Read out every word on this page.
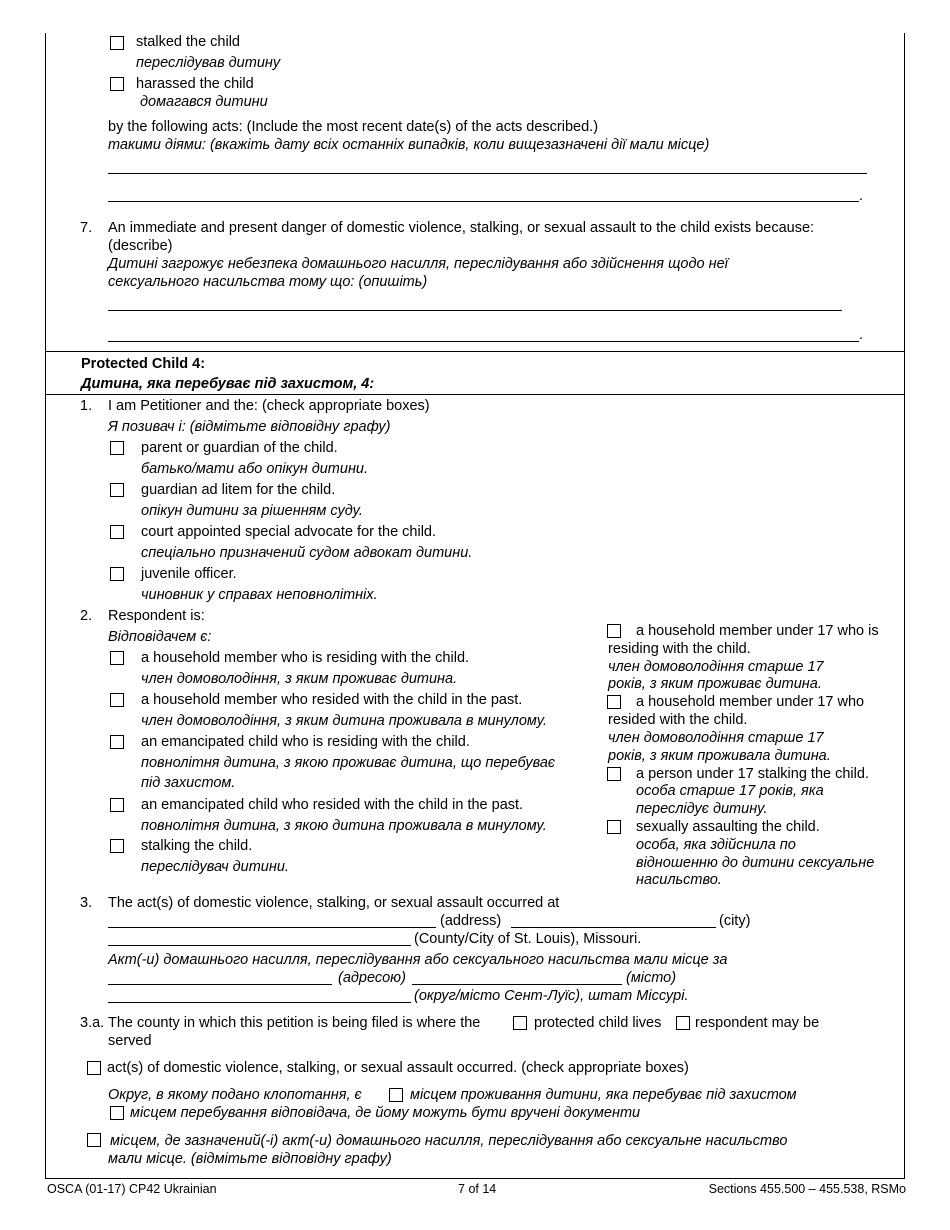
stalked the child
переслідував дитину
harassed the child
домагався дитини
by the following acts: (Include the most recent date(s) of the acts described.)
такими діями: (вкажіть дату всіх останніх випадків, коли вищезазначені дії мали місце)
.
7. An immediate and present danger of domestic violence, stalking, or sexual assault to the child exists because:
(describe)
Дитині загрожує небезпека домашнього насилля, переслідування або здійснення щодо неї
сексуального насильства тому що: (опишіть)
.
Protected Child 4:
Дитина, яка перебуває під захистом, 4:
1. I am Petitioner and the: (check appropriate boxes)
Я позивач і: (відмітьте відповідну графу)
parent or guardian of the child.
батько/мати або опікун дитини.
guardian ad litem for the child.
опікун дитини за рішенням суду.
court appointed special advocate for the child.
спеціально призначений судом адвокат дитини.
juvenile officer.
чиновник у справах неповнолітніх.
2. Respondent is:
Відповідачем є:
a household member who is residing with the child.
член домоволодіння, з яким проживає дитина.
a household member who resided with the child in the past.
член домоволодіння, з яким дитина проживала в минулому.
an emancipated child who is residing with the child.
повнолітня дитина, з якою проживає дитина, що перебуває
під захистом.
an emancipated child who resided with the child in the past.
повнолітня дитина, з якою дитина проживала в минулому.
stalking the child.
переслідувач дитини.
a household member under 17 who is
residing with the child.
член домоволодіння старше 17
років, з яким проживає дитина.
a household member under 17 who
resided with the child.
член домоволодіння старше 17
років, з яким проживала дитина.
a person under 17 stalking the child.
особа старше 17 років, яка
переслідує дитину.
sexually assaulting the child.
особа, яка здійснила по
відношенню до дитини сексуальне
насильство.
3. The act(s) of domestic violence, stalking, or sexual assault occurred at
(address)	(city)
(County/City of St. Louis), Missouri.
Акт(-и) домашнього насилля, переслідування або сексуального насильства мали місце за
(адресою)	(місто)
(округ/місто Сент-Луїс), штат Міссурі.
3.a. The county in which this petition is being filed is where the	protected child lives respondent may be
served
act(s) of domestic violence, stalking, or sexual assault occurred. (check appropriate boxes)
Округ, в якому подано клопотання, є	місцем проживання дитини, яка перебуває під захистом
місцем перебування відповідача, де йому можуть бути вручені документи
місцем, де зазначений(-і) акт(-и) домашнього насилля, переслідування або сексуальне насильство
мали місце. (відмітьте відповідну графу)
OSCA (01-17) CP42 Ukrainian	7 of 14	Sections 455.500 – 455.538, RSMo
